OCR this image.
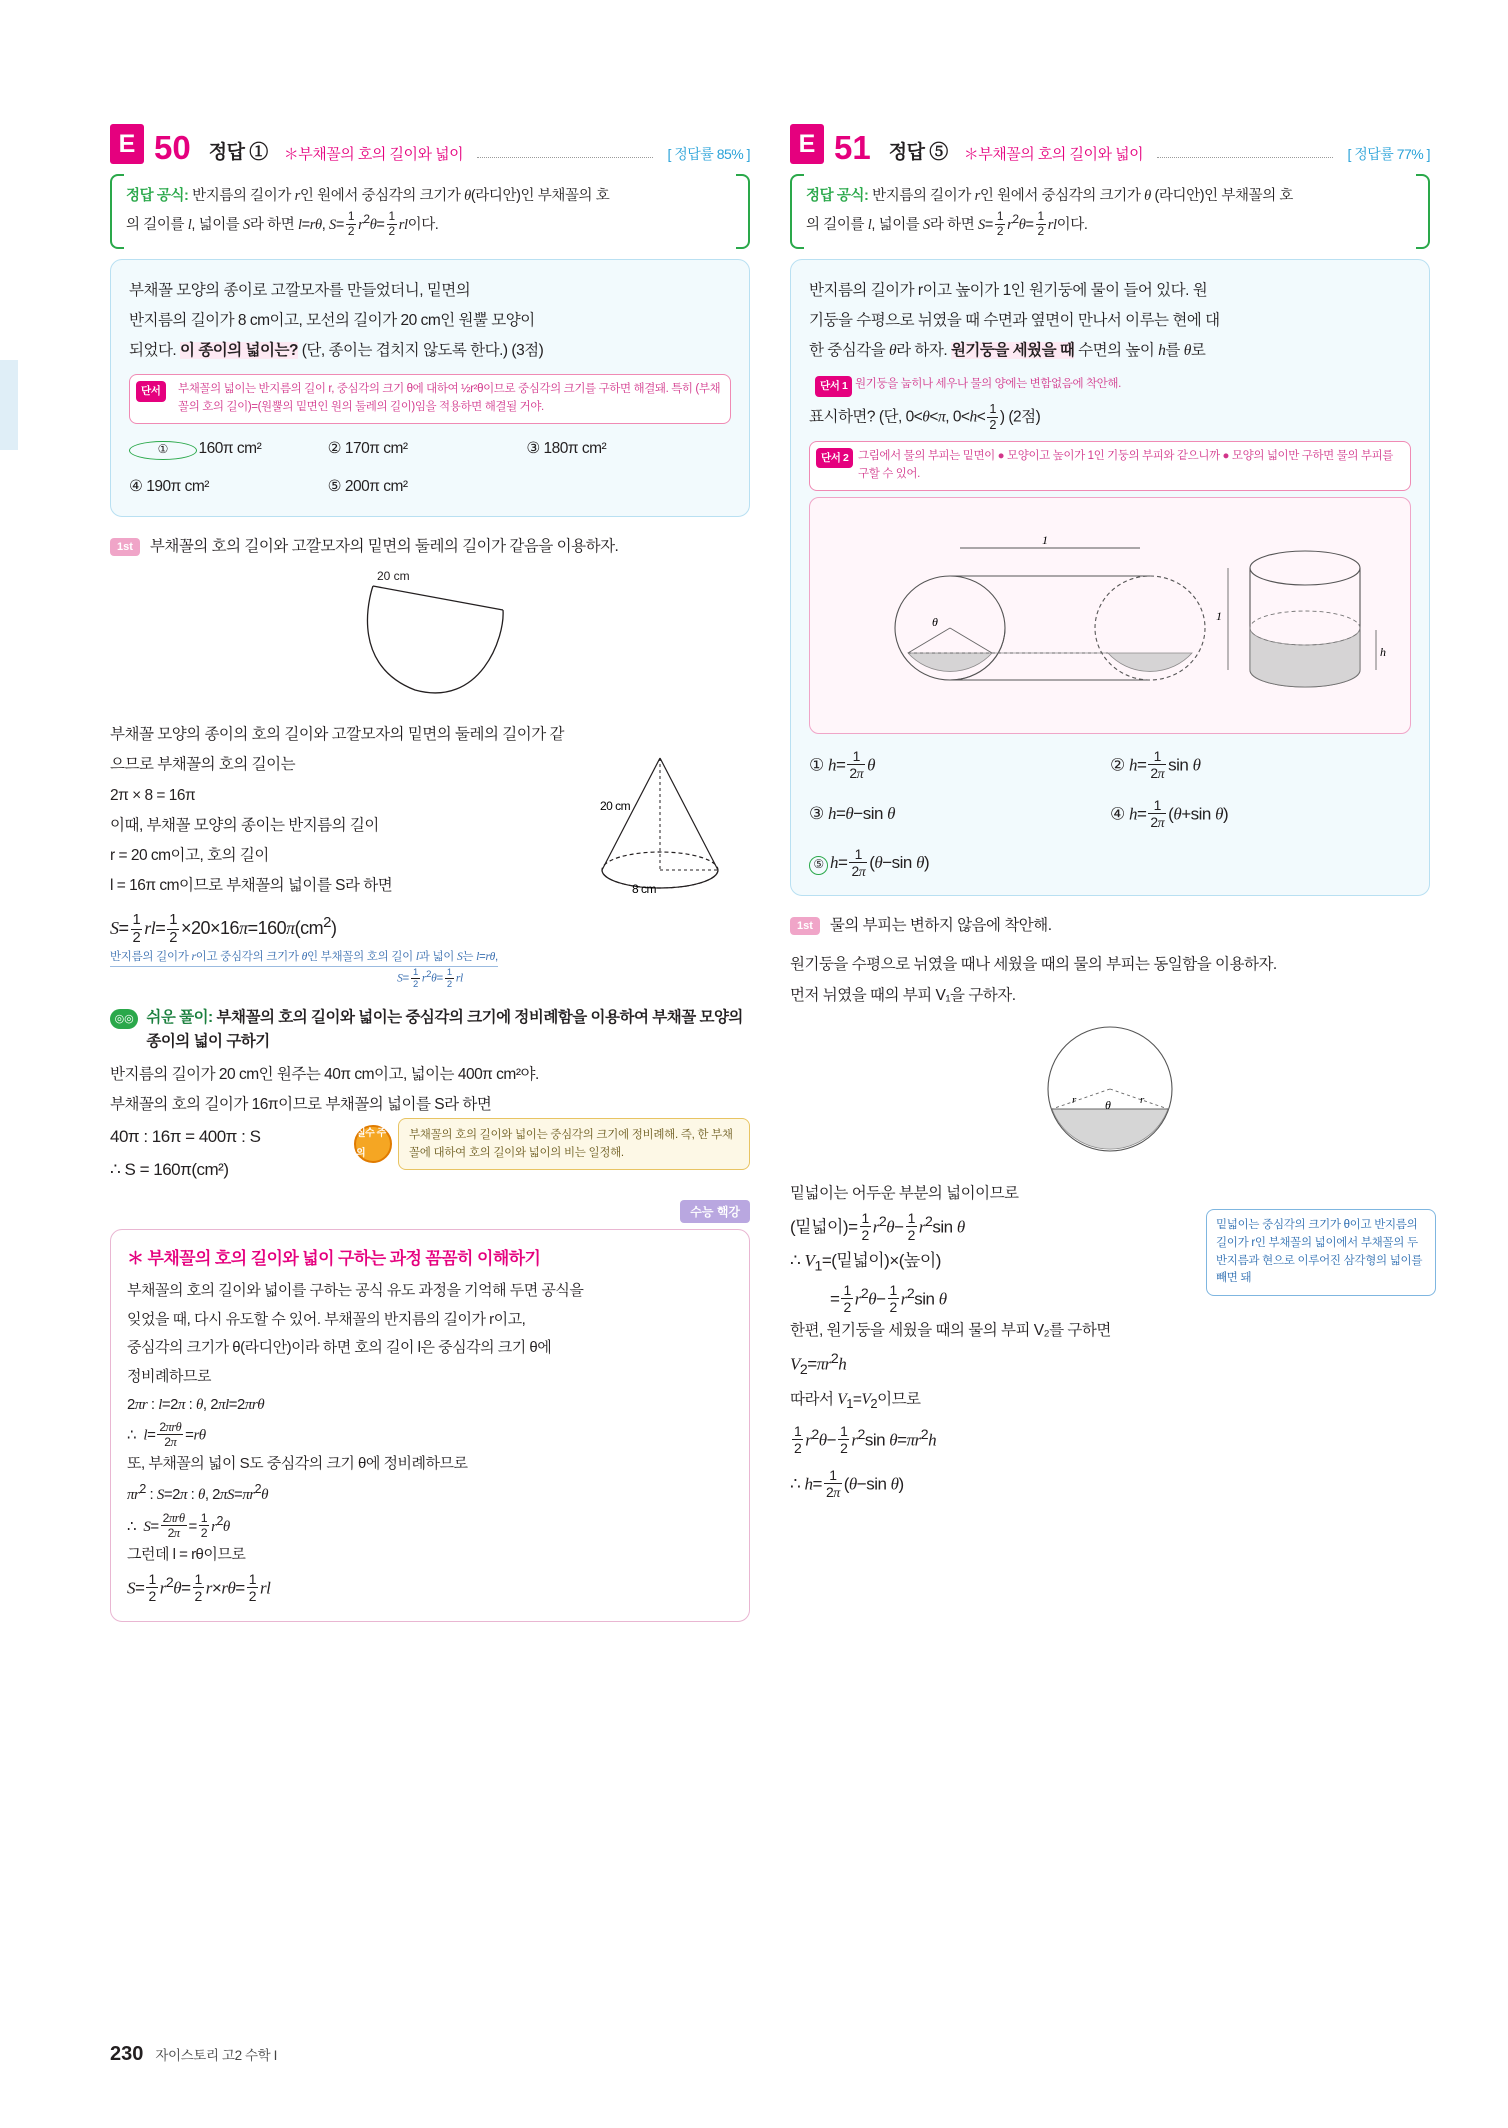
E 50 정답 ① ＊부채꼴의 호의 길이와 넓이	[ 정답률 85% ]
정답 공식: 반지름의 길이가 r인 원에서 중심각의 크기가 θ(라디안)인 부채꼴의 호
의 길이를 l, 넓이를 S라 하면 l=rθ, $S= \frac{1}{2} r^2\theta= \frac{1}{2}$ rl이다.
부채꼴 모양의 종이로 고깔모자를 만들었더니, 밑면의
반지름의 길이가 8 cm이고, 모선의 길이가 20 cm인 원뿔 모양이
되었다. 이 종이의 넓이는? (단, 종이는 겹치지 않도록 한다.) (3점)
단서	부채꼴의 넓이는 반지름의 길이 r, 중심각의 크기 θ에 대하여 ½r²θ이므로 중심각의 크기를 구하면 해결돼. 특히 (부채꼴의 호의 길이)=(원뿔의 밑면인 원의 둘레의 길이)임을 적용하면 해결될 거야.
① 160π cm²	② 170π cm²	③ 180π cm²
④ 190π cm²	⑤ 200π cm²
1st	부채꼴의 호의 길이와 고깔모자의 밑면의 둘레의 길이가 같음을 이용하자.
20 cm
부채꼴 모양의 종이의 호의 길이와 고깔모자의 밑면의 둘레의 길이가 같
으므로 부채꼴의 호의 길이는
2π × 8 = 16π
이때, 부채꼴 모양의 종이는 반지름의 길이
r = 20 cm이고, 호의 길이
l = 16π cm이므로 부채꼴의 넓이를 S라 하면
20 cm
8 cm
$S= \frac{1}{2} rl= \frac{1}{2} \times 20\times 16\pi=160\pi(cm^2)$
반지름의 길이가 r이고 중심각의 크기가 θ인 부채꼴의 호의 길이 l과 넓이 S는 l=rθ,
$S= \frac{1}{2} r^2\theta= \frac{1}{2}$ rl
◎◎ 쉬운 풀이: 부채꼴의 호의 길이와 넓이는 중심각의 크기에 정비례함을 이용하여 부채꼴 모양의 종이의 넓이 구하기
반지름의 길이가 20 cm인 원주는 40π cm이고, 넓이는 400π cm²야.
부채꼴의 호의 길이가 16π이므로 부채꼴의 넓이를 S라 하면
40π : 16π = 400π : S
∴ S = 160π(cm²)
실수 주의
부채꼴의 호의 길이와 넓이는 중심각의 크기에 정비례해. 즉, 한 부채꼴에 대하여 호의 길이와 넓이의 비는 일정해.
수능 핵강
＊ 부채꼴의 호의 길이와 넓이 구하는 과정 꼼꼼히 이해하기
부채꼴의 호의 길이와 넓이를 구하는 공식 유도 과정을 기억해 두면 공식을
잊었을 때, 다시 유도할 수 있어. 부채꼴의 반지름의 길이가 r이고,
중심각의 크기가 θ(라디안)이라 하면 호의 길이 l은 중심각의 크기 θ에
정비례하므로
2πr : l=2π : θ, 2πl=2πrθ
∴  $l= \frac{\text{2πrθ}}{2\pi} =r\theta$
또, 부채꼴의 넓이 S도 중심각의 크기 θ에 정비례하므로
$\pi r^2$ : S=2π : θ, $2\pi S=\pi r^2\theta$
∴  $S= \frac{\text{2πrθ}}{2\pi} = \frac{1}{2} r^2\theta$
그런데 l = rθ이므로
$S= \frac{1}{2} r^2\theta= \frac{1}{2} r\times r\theta= \frac{1}{2}$ rl
E 51 정답 ⑤ ＊부채꼴의 호의 길이와 넓이	[ 정답률 77% ]
정답 공식: 반지름의 길이가 r인 원에서 중심각의 크기가 θ (라디안)인 부채꼴의 호
의 길이를 l, 넓이를 S라 하면 $S= \frac{1}{2} r^2\theta= \frac{1}{2}$ rl이다.
반지름의 길이가 r이고 높이가 1인 원기둥에 물이 들어 있다. 원
기둥을 수평으로 뉘였을 때 수면과 옆면이 만나서 이루는 현에 대
한 중심각을 θ라 하자. 원기둥을 세웠을 때 수면의 높이 h를 θ로
단서 1 원기둥을 눕히나 세우나 물의 양에는 변함없음에 착안해.
표시하면? (단, 0<θ<π, $0<h< \frac{1}{2}$ ) (2점)
단서 2 그림에서 물의 부피는 밑면이 ● 모양이고 높이가 1인 기둥의 부피와 같으니까 ● 모양의 넓이만 구하면 물의 부피를 구할 수 있어.
θ
1
1
h
① $h= \frac{1}{2\pi}$ θ	② $h= \frac{1}{2\pi}$ sin θ
③ h=θ−sin θ	④ $h= \frac{1}{2\pi} (\theta+\sin$ θ)
⑤ $h= \frac{1}{2\pi} (\theta-\sin$ θ)
1st	물의 부피는 변하지 않음에 착안해.
원기둥을 수평으로 뉘였을 때나 세웠을 때의 물의 부피는 동일함을 이용하자.
먼저 뉘였을 때의 부피 V₁을 구하자.
θ
r	r
밑넓이는 어두운 부분의 넓이이므로
(밑넓이)= $\frac{1}{2} r^2\theta- \frac{1}{2} r^2\sin$ θ
∴ $V_1=$(밑넓이)×(높이)
= $\frac{1}{2} r^2\theta- \frac{1}{2} r^2\sin$ θ
한편, 원기둥을 세웠을 때의 물의 부피 V₂를 구하면
$V_2=\pi r^2h$
따라서 $V_1=V_2$이므로
$\frac{1}{2} r^2\theta- \frac{1}{2} r^2\sin$ $\theta=\pi r^2h$
∴ $h= \frac{1}{2\pi} (\theta-\sin$ θ)
밑넓이는 중심각의 크기가 θ이고 반지름의 길이가 r인 부채꼴의 넓이에서 부채꼴의 두 반지름과 현으로 이루어진 삼각형의 넓이를 빼면 돼
230 자이스토리 고2 수학 I
